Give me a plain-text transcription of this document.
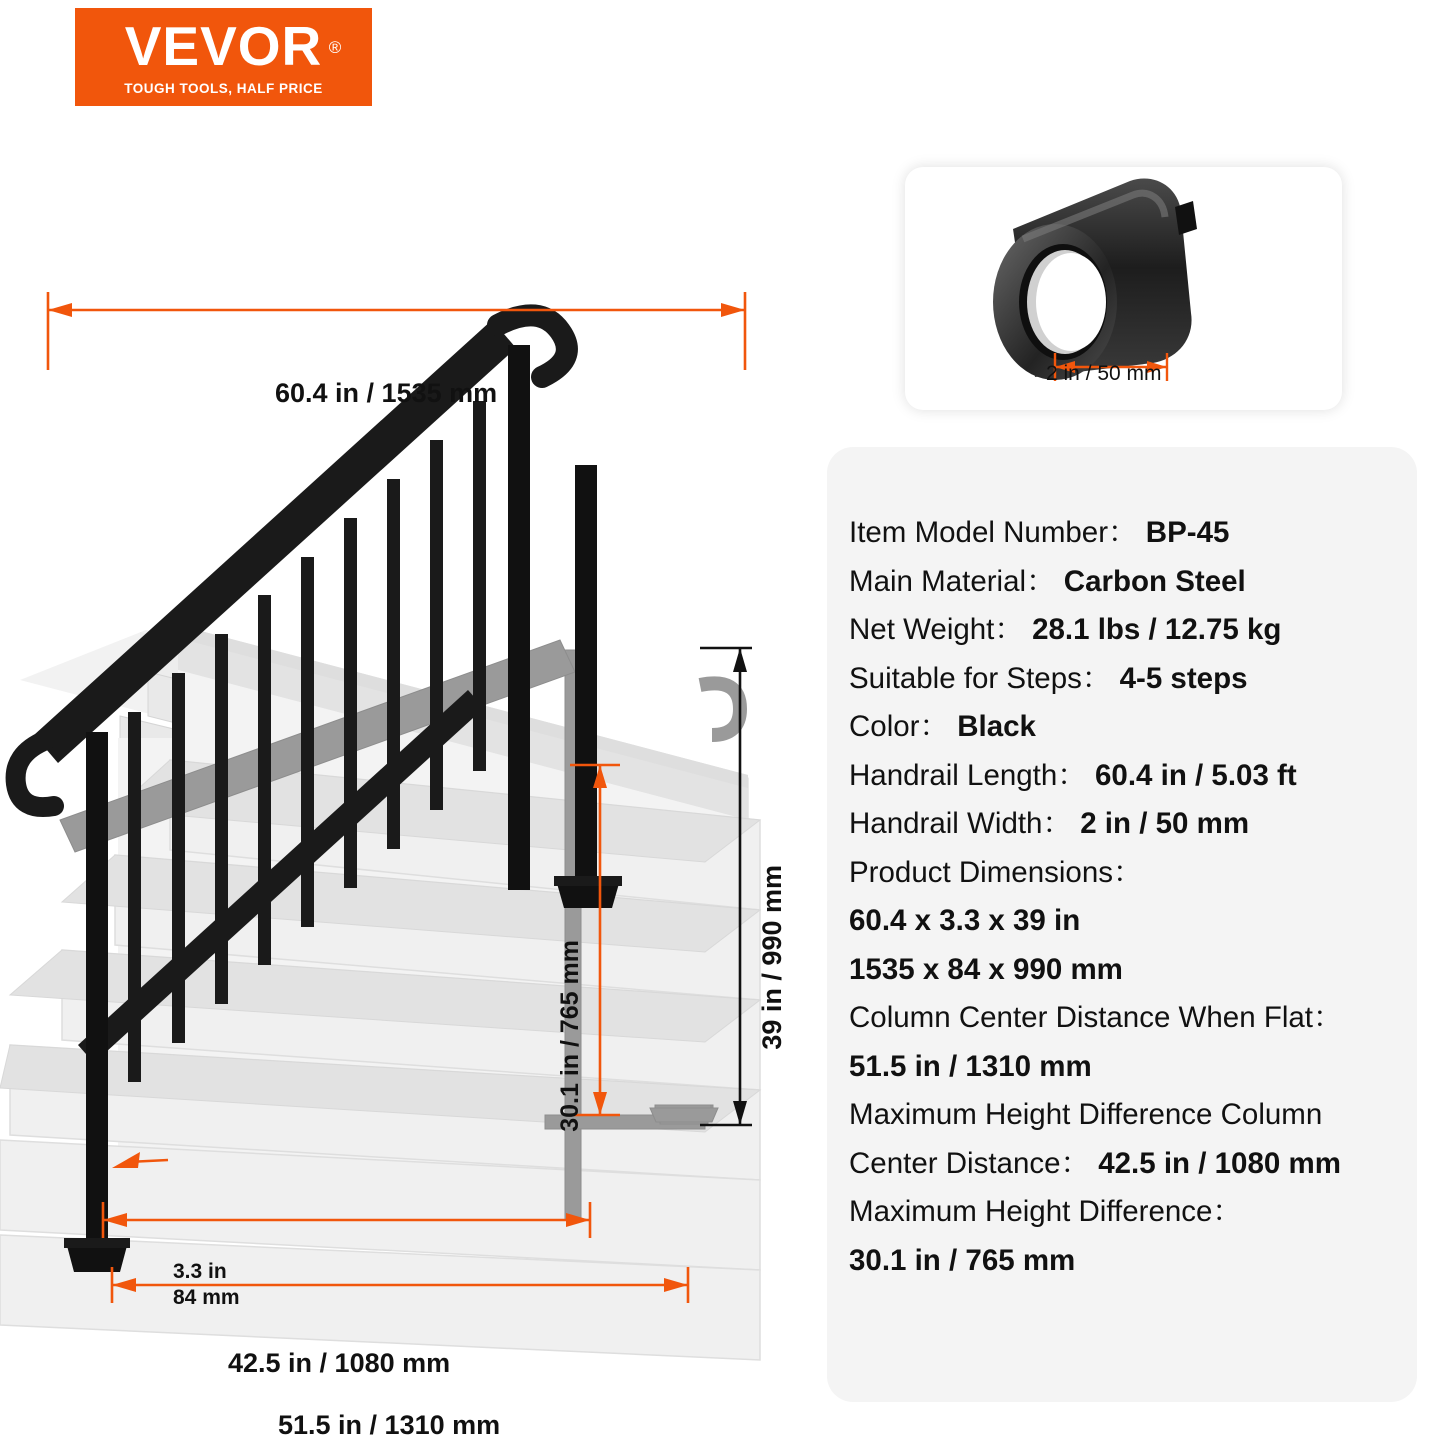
VEVOR ®
TOUGH TOOLS, HALF PRICE
60.4 in / 1535 mm
39 in / 990 mm
30.1 in / 765 mm
42.5 in / 1080 mm
51.5 in / 1310 mm
3.3 in
84 mm
2 in / 50 mm
Item Model Number： BP-45
Main Material： Carbon Steel
Net Weight： 28.1 lbs / 12.75 kg
Suitable for Steps： 4-5 steps
Color： Black
Handrail Length： 60.4 in / 5.03 ft
Handrail Width： 2 in / 50 mm
Product Dimensions：
60.4 x 3.3 x 39 in
1535 x 84 x 990 mm
Column Center Distance When Flat：
51.5 in / 1310 mm
Maximum Height Difference Column
Center Distance： 42.5 in / 1080 mm
Maximum Height Difference：
30.1 in / 765 mm
